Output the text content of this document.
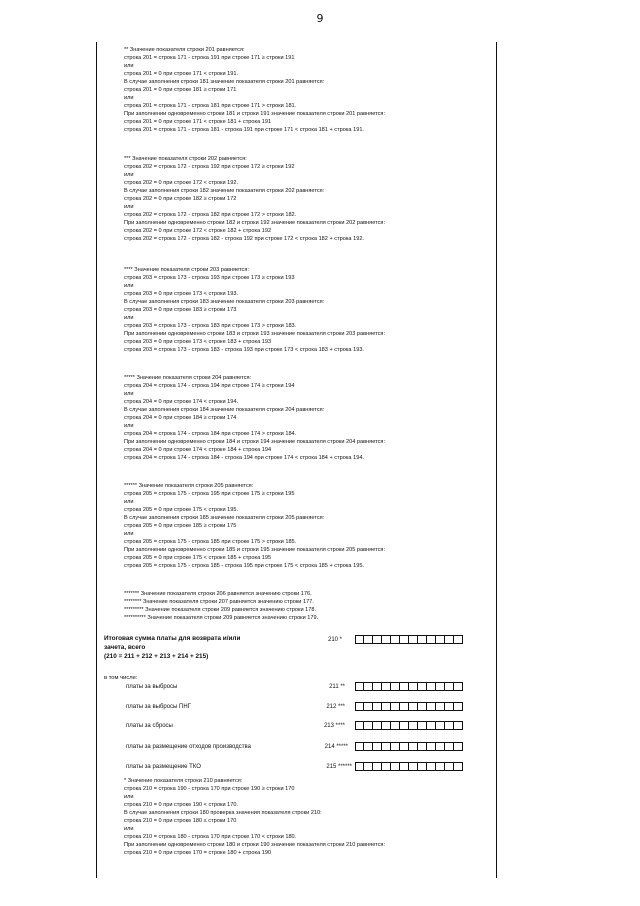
9
** Значение показателя строки 201 равняется:
строка 201 = строка 171 - строка 191 при строке 171 ≥ строки 191
или
строка 201 = 0 при строке 171 < строки 191.
В случае заполнения строки 181 значение показателя строки 201 равняется:
строка 201 = 0 при строке 181 ≥ строки 171
или
строка 201 = строка 171 - строка 181 при строке 171 > строки 181.
При заполнении одновременно строки 181 и строки 191 значение показателя строки 201 равняется:
строка 201 = 0 при строке 171 < строке 181 + строка 191
строка 201 = строка 171 - строка 181 - строка 191 при строке 171 < строка 181 + строка 191.
*** Значение показателя строки 202 равняется:
строка 202 = строка 172 - строка 192 при строке 172 ≥ строки 192
или
строка 202 = 0 при строке 172 < строки 192.
В случае заполнения строки 182 значение показателя строки 202 равняется:
строка 202 = 0 при строке 182 ≥ строки 172
или
строка 202 = строка 172 - строка 182 при строке 172 > строки 182.
При заполнении одновременно строки 182 и строки 192 значение показателя строки 202 равняется:
строка 202 = 0 при строке 172 < строке 182 + строка 192
строка 202 = строка 172 - строка 182 - строка 192 при строке 172 < строка 182 + строка 192.
**** Значение показателя строки 203 равняется:
строка 203 = строка 173 - строка 193 при строке 173 ≥ строки 193
или
строка 203 = 0 при строке 173 < строки 193.
В случае заполнения строки 183 значение показателя строки 203 равняется:
строка 203 = 0 при строке 183 ≥ строки 173
или
строка 203 = строка 173 - строка 183 при строке 173 > строки 183.
При заполнении одновременно строки 183 и строки 193 значение показателя строки 203 равняется:
строка 203 = 0 при строке 173 < строке 183 + строка 193
строка 203 = строка 173 - строка 183 - строка 193 при строке 173 < строка 183 + строка 193.
***** Значение показателя строки 204 равняется:
строка 204 = строка 174 - строка 194 при строке 174 ≥ строки 194
или
строка 204 = 0 при строке 174 < строки 194.
В случае заполнения строки 184 значение показателя строки 204 равняется:
строка 204 = 0 при строке 184 ≥ строки 174
или
строка 204 = строка 174 - строка 184 при строке 174 > строки 184.
При заполнении одновременно строки 184 и строки 194 значение показателя строки 204 равняется:
строка 204 = 0 при строке 174 < строке 184 + строка 194
строка 204 = строка 174 - строка 184 - строка 194 при строке 174 < строка 184 + строка 194.
****** Значение показателя строки 205 равняется:
строка 205 = строка 175 - строка 195 при строке 175 ≥ строки 195
или
строка 205 = 0 при строке 175 < строки 195.
В случае заполнения строки 185 значение показателя строки 205 равняется:
строка 205 = 0 при строке 185 ≥ строки 175
или
строка 205 = строка 175 - строка 185 при строке 175 > строки 185.
При заполнении одновременно строки 185 и строки 195 значение показателя строки 205 равняется:
строка 205 = 0 при строке 175 < строке 185 + строка 195
строка 205 = строка 175 - строка 185 - строка 195 при строке 175 < строка 185 + строка 195.
******* Значение показателя строки 206 равняется значению строки 176.
******** Значение показателя строки 207 равняется значению строки 177.
********* Значение показателя строки 209 равняется значению строки 178.
********** Значение показателя строки 209 равняется значению строки 179.
Итоговая сумма платы для возврата и/или
зачета, всего
(210 = 211 + 212 + 213 + 214 + 215)
210 *
в том числе:
платы за выбросы	211 **
платы за выбросы ПНГ	212 ***
платы за сбросы	213 ****
платы за размещение отходов производства	214 *****
платы за размещение ТКО	215 ******
* Значение показателя строки 210 равняется:
строка 210 = строка 190 - строка 170 при строке 190 ≥ строки 170
или
строка 210 = 0 при строке 190 < строки 170.
В случае заполнения строки 180 проверка значения показателя строки 210:
строка 210 = 0 при строке 180 ≤ строки 170
или
строка 210 = строка 180 - строка 170 при строке 170 < строки 180.
При заполнении одновременно строки 180 и строки 190 значение показателя строки 210 равняется:
строка 210 = 0 при строке 170 = строке 180 + строка 190
